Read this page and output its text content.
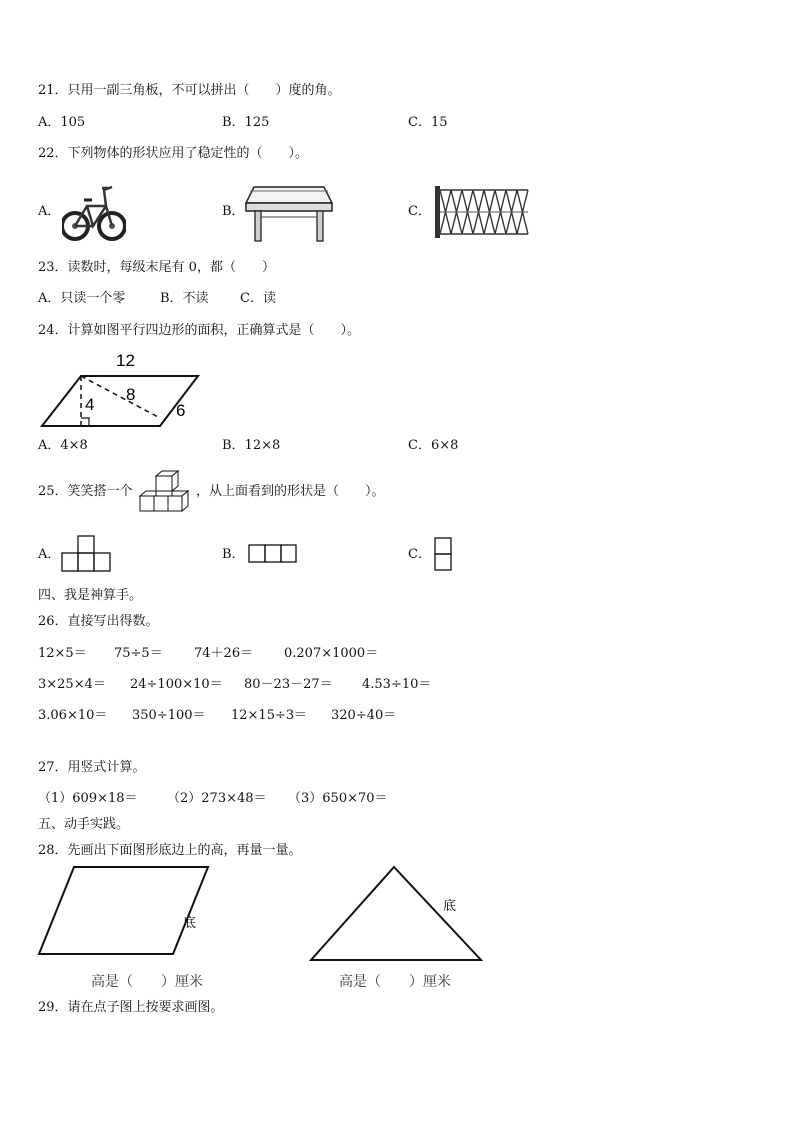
21．只用一副三角板，不可以拼出（　　）度的角。
A．105	B．125	C．15
22．下列物体的形状应用了稳定性的（　　）。
A．	B．	C．
23．读数时，每级末尾有 0，都（　　）
A．只读一个零	B．不读 C．读
24．计算如图平行四边形的面积，正确算式是（　　）。
12
8
4	6
A．4×8	B．12×8	C．6×8
25．笑笑搭一个	，从上面看到的形状是（　　）。
A．	B．	C．
四、我是神算手。
26．直接写出得数。
12×5＝ 75÷5＝ 74＋26＝ 0.207×1000＝
3×25×4＝ 24÷100×10＝ 80－23－27＝ 4.53÷10＝
3.06×10＝ 350÷100＝ 12×15÷3＝ 320÷40＝
27．用竖式计算。
（1）609×18＝ （2）273×48＝ （3）650×70＝
五、动手实践。
28．先画出下面图形底边上的高，再量一量。
底
高是（　　）厘米
底
高是（　　）厘米
29．请在点子图上按要求画图。
